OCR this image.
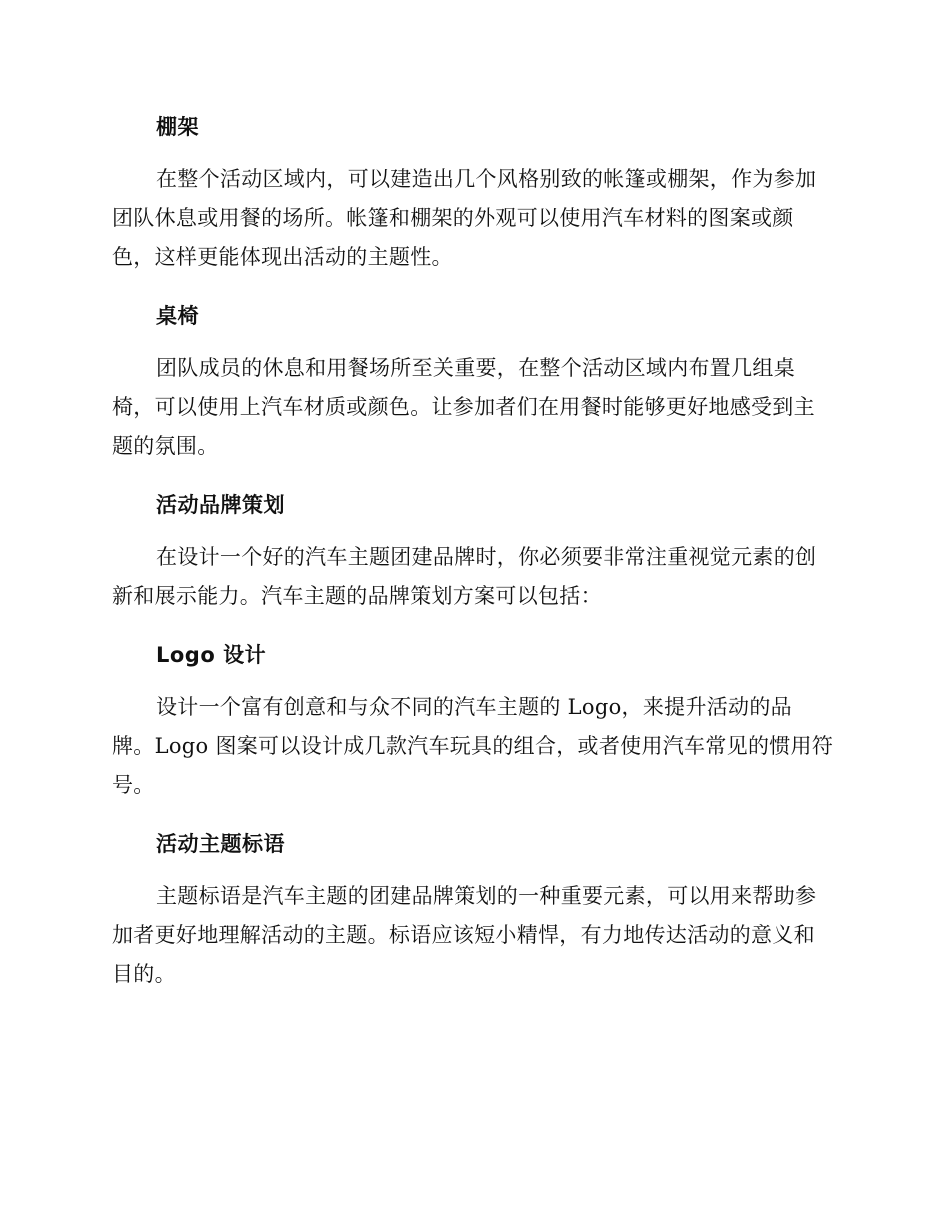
棚架

在整个活动区域内，可以建造出几个风格别致的帐篷或棚架，作为参加团队休息或用餐的场所。帐篷和棚架的外观可以使用汽车材料的图案或颜色，这样更能体现出活动的主题性。

桌椅

团队成员的休息和用餐场所至关重要，在整个活动区域内布置几组桌椅，可以使用上汽车材质或颜色。让参加者们在用餐时能够更好地感受到主题的氛围。

活动品牌策划

在设计一个好的汽车主题团建品牌时，你必须要非常注重视觉元素的创新和展示能力。汽车主题的品牌策划方案可以包括：

Logo 设计

设计一个富有创意和与众不同的汽车主题的 Logo，来提升活动的品牌。Logo 图案可以设计成几款汽车玩具的组合，或者使用汽车常见的惯用符号。

活动主题标语

主题标语是汽车主题的团建品牌策划的一种重要元素，可以用来帮助参加者更好地理解活动的主题。标语应该短小精悍，有力地传达活动的意义和目的。
